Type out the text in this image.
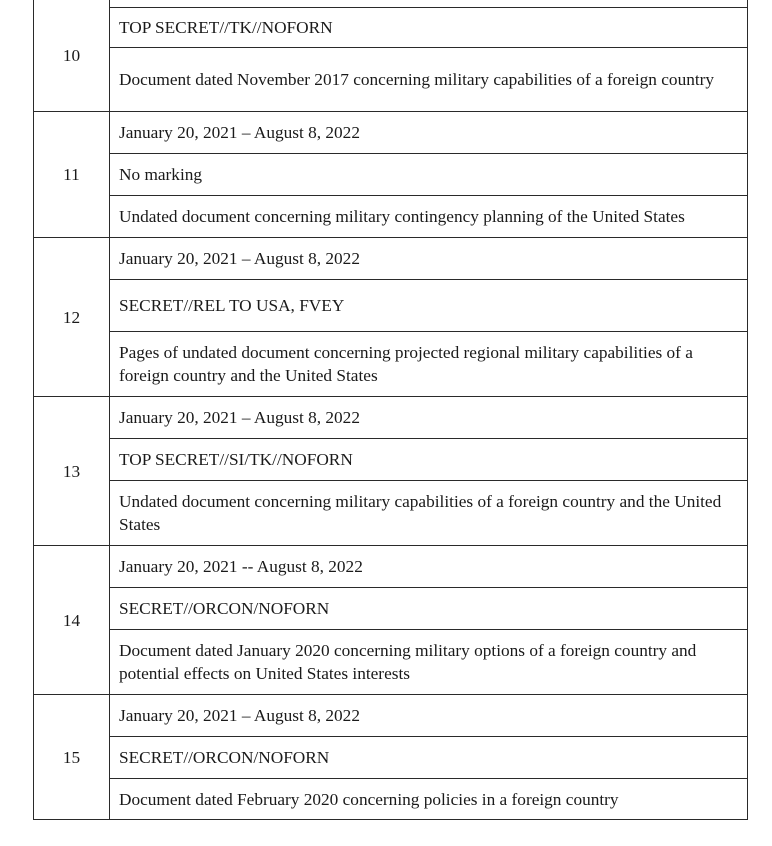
10	
	TOP SECRET//TK//NOFORN
	Document dated November 2017 concerning military capabilities of a foreign country
11	January 20, 2021 – August 8, 2022
	No marking
	Undated document concerning military contingency planning of the United States
12	January 20, 2021 – August 8, 2022
	SECRET//REL TO USA, FVEY
	Pages of undated document concerning projected regional military capabilities of a foreign country and the United States
13	January 20, 2021 – August 8, 2022
	TOP SECRET//SI/TK//NOFORN
	Undated document concerning military capabilities of a foreign country and the United States
14	January 20, 2021 -- August 8, 2022
	SECRET//ORCON/NOFORN
	Document dated January 2020 concerning military options of a foreign country and potential effects on United States interests
15	January 20, 2021 – August 8, 2022
	SECRET//ORCON/NOFORN
	Document dated February 2020 concerning policies in a foreign country
